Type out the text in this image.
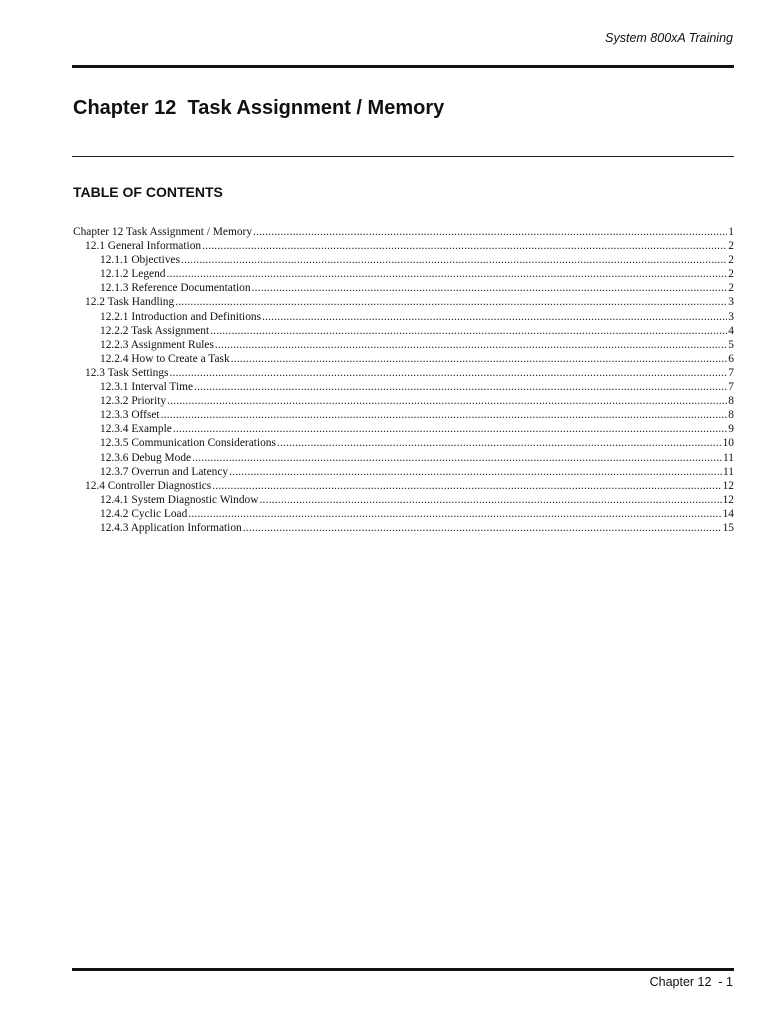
System 800xA Training
Chapter 12  Task Assignment / Memory
TABLE OF CONTENTS
Chapter 12 Task Assignment / Memory .....	1
12.1 General Information .....	2
12.1.1 Objectives .....	2
12.1.2 Legend .....	2
12.1.3 Reference Documentation .....	2
12.2 Task Handling .....	3
12.2.1 Introduction and Definitions .....	3
12.2.2 Task Assignment .....	4
12.2.3 Assignment Rules .....	5
12.2.4 How to Create a Task .....	6
12.3 Task Settings .....	7
12.3.1 Interval Time .....	7
12.3.2 Priority .....	8
12.3.3 Offset .....	8
12.3.4 Example .....	9
12.3.5 Communication Considerations .....	10
12.3.6 Debug Mode .....	11
12.3.7 Overrun and Latency .....	11
12.4 Controller Diagnostics .....	12
12.4.1 System Diagnostic Window .....	12
12.4.2 Cyclic Load .....	14
12.4.3 Application Information .....	15
Chapter 12  - 1
